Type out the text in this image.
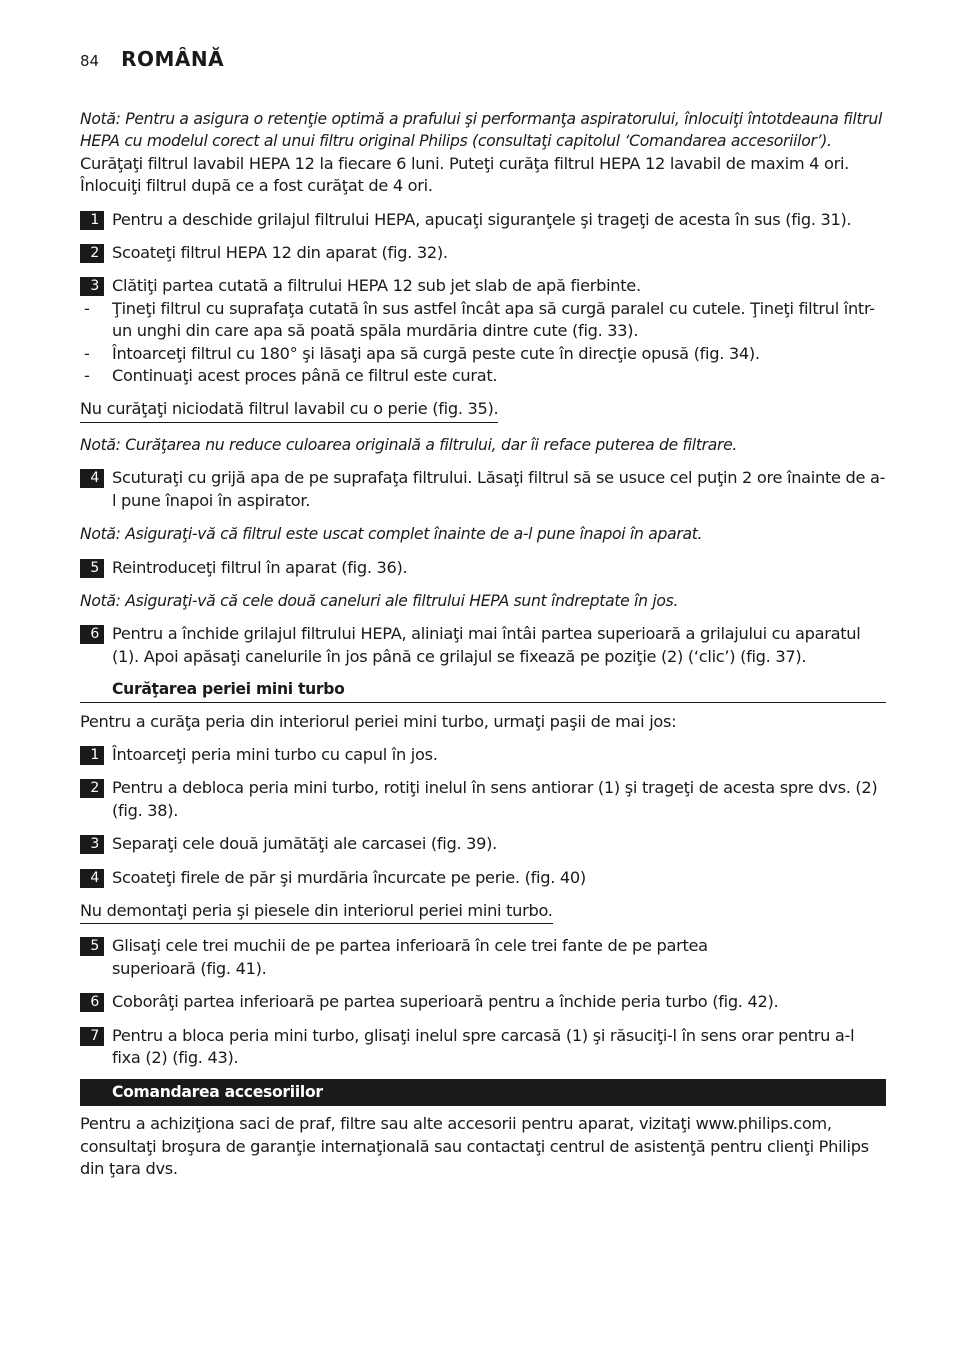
84 ROMÂNĂ

Notă: Pentru a asigura o retenţie optimă a prafului şi performanţa aspiratorului, înlocuiţi întotdeauna filtrul HEPA cu modelul corect al unui filtru original Philips (consultaţi capitolul ‘Comandarea accesoriilor’).

Curăţaţi filtrul lavabil HEPA 12 la fiecare 6 luni. Puteţi curăţa filtrul HEPA 12 lavabil de maxim 4 ori. Înlocuiţi filtrul după ce a fost curăţat de 4 ori.

1 Pentru a deschide grilajul filtrului HEPA, apucaţi siguranţele şi trageţi de acesta în sus (fig. 31).
2 Scoateţi filtrul HEPA 12 din aparat (fig. 32).
3 Clătiţi partea cutată a filtrului HEPA 12 sub jet slab de apă fierbinte.
- Ţineţi filtrul cu suprafaţa cutată în sus astfel încât apa să curgă paralel cu cutele. Ţineţi filtrul într-un unghi din care apa să poată spăla murdăria dintre cute (fig. 33).
- Întoarceţi filtrul cu 180° şi lăsaţi apa să curgă peste cute în direcţie opusă (fig. 34).
- Continuaţi acest proces până ce filtrul este curat.

Nu curăţaţi niciodată filtrul lavabil cu o perie (fig. 35).

Notă: Curăţarea nu reduce culoarea originală a filtrului, dar îi reface puterea de filtrare.

4 Scuturaţi cu grijă apa de pe suprafaţa filtrului. Lăsaţi filtrul să se usuce cel puţin 2 ore înainte de a-l pune înapoi în aspirator.

Notă: Asiguraţi-vă că filtrul este uscat complet înainte de a-l pune înapoi în aparat.

5 Reintroduceţi filtrul în aparat (fig. 36).

Notă: Asiguraţi-vă că cele două caneluri ale filtrului HEPA sunt îndreptate în jos.

6 Pentru a închide grilajul filtrului HEPA, aliniaţi mai întâi partea superioară a grilajului cu aparatul (1). Apoi apăsaţi canelurile în jos până ce grilajul se fixează pe poziţie (2) (‘clic’) (fig. 37).
Curăţarea periei mini turbo

Pentru a curăţa peria din interiorul periei mini turbo, urmaţi paşii de mai jos:

1 Întoarceţi peria mini turbo cu capul în jos.
2 Pentru a debloca peria mini turbo, rotiţi inelul în sens antiorar (1) şi trageţi de acesta spre dvs. (2) (fig. 38).
3 Separaţi cele două jumătăţi ale carcasei (fig. 39).
4 Scoateţi firele de păr şi murdăria încurcate pe perie. (fig. 40)

Nu demontaţi peria şi piesele din interiorul periei mini turbo.

5 Glisaţi cele trei muchii de pe partea inferioară în cele trei fante de pe partea superioară (fig. 41).
6 Coborâţi partea inferioară pe partea superioară pentru a închide peria turbo (fig. 42).
7 Pentru a bloca peria mini turbo, glisaţi inelul spre carcasă (1) şi răsuciţi-l în sens orar pentru a-l fixa (2) (fig. 43).
Comandarea accesoriilor

Pentru a achiziţiona saci de praf, filtre sau alte accesorii pentru aparat, vizitaţi www.philips.com, consultaţi broşura de garanţie internaţională sau contactaţi centrul de asistenţă pentru clienţi Philips din ţara dvs.
